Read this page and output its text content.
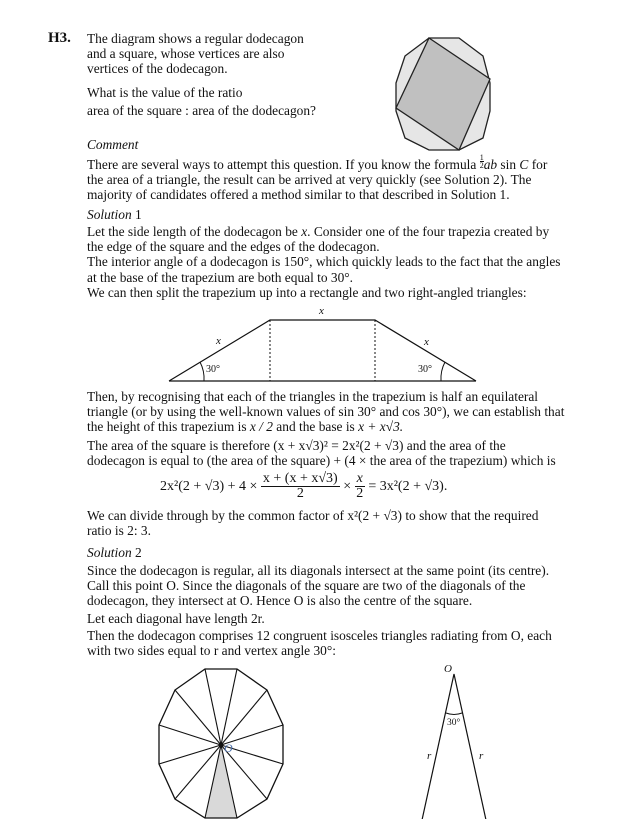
H3. The diagram shows a regular dodecagon
and a square, whose vertices are also
vertices of the dodecagon.
What is the value of the ratio
area of the square : area of the dodecagon?
Comment
There are several ways to attempt this question. If you know the formula $\frac{1}{2}$ ab sin C for
the area of a triangle, the result can be arrived at very quickly (see Solution 2). The
majority of candidates offered a method similar to that described in Solution 1.
Solution 1
Let the side length of the dodecagon be x. Consider one of the four trapezia created by
the edge of the square and the edges of the dodecagon.
The interior angle of a dodecagon is 150°, which quickly leads to the fact that the angles
at the base of the trapezium are both equal to 30°.
We can then split the trapezium up into a rectangle and two right-angled triangles:
x
x	x
30°	30°
Then, by recognising that each of the triangles in the trapezium is half an equilateral
triangle (or by using the well-known values of sin 30° and cos 30°), we can establish that
the height of this trapezium is x / 2 and the base is x + x√3.
The area of the square is therefore (x + x√3)² = 2x²(2 + √3) and the area of the
dodecagon is equal to (the area of the square) + (4 × the area of the trapezium) which is
$2x^2(2 + √3) + 4 \times \frac{x + (x + x√3)}{2} \times \frac{x}{2} = 3x^2(2 + √3)$.
We can divide through by the common factor of x²(2 + √3) to show that the required
ratio is 2: 3.
Solution 2
Since the dodecagon is regular, all its diagonals intersect at the same point (its centre).
Call this point O. Since the diagonals of the square are two of the diagonals of the
dodecagon, they intersect at O. Hence O is also the centre of the square.
Let each diagonal have length 2r.
Then the dodecagon comprises 12 congruent isosceles triangles radiating from O, each
with two sides equal to r and vertex angle 30°:
O
O
30°
r	r
